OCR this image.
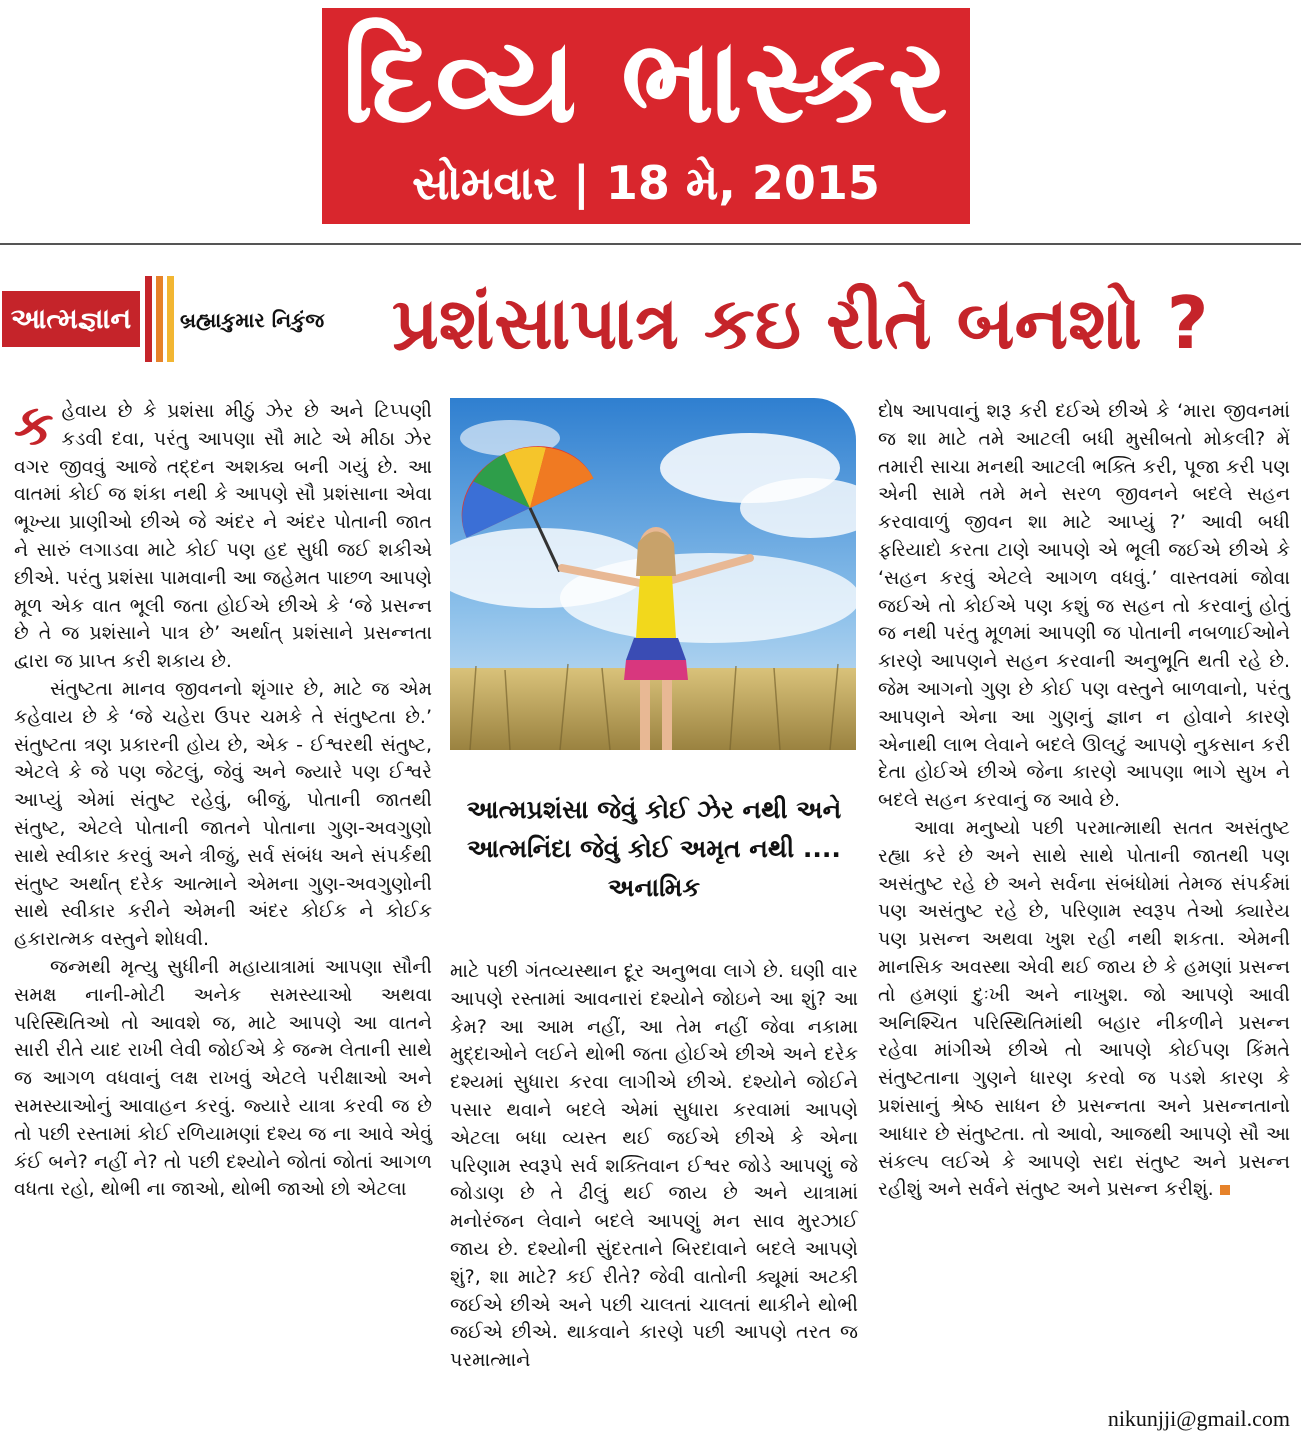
દિવ્ય ભાસ્કર
સોમવાર | 18 મે, 2015
આત્મજ્ઞાન	બ્રહ્માકુમાર નિકુંજ પ્રશંસાપાત્ર કઇ રીતે બનશો ?

કહેવાય છે કે પ્રશંસા મીઠું ઝેર છે અને ટિપ્પણી કડવી દવા, પરંતુ આપણા સૌ માટે એ મીઠા ઝેર વગર જીવવું આજે તદ્દન અશક્ય બની ગયું છે. આ વાતમાં કોઈ જ શંકા નથી કે આપણે સૌ પ્રશંસાના એવા ભૂખ્યા પ્રાણીઓ છીએ જે અંદર ને અંદર પોતાની જાત ને સારું લગાડવા માટે કોઈ પણ હદ સુધી જઈ શકીએ છીએ. પરંતુ પ્રશંસા પામવાની આ જહેમત પાછળ આપણે મૂળ એક વાત ભૂલી જતા હોઈએ છીએ કે ‘જે પ્રસન્ન છે તે જ પ્રશંસાને પાત્ર છે’ અર્થાત્ પ્રશંસાને પ્રસન્નતા દ્વારા જ પ્રાપ્ત કરી શકાય છે.

સંતુષ્ટતા માનવ જીવનનો શૃંગાર છે, માટે જ એમ કહેવાય છે કે ‘જે ચહેરા ઉપર ચમકે તે સંતુષ્ટતા છે.’ સંતુષ્ટતા ત્રણ પ્રકારની હોય છે, એક - ઈશ્વરથી સંતુષ્ટ, એટલે કે જે પણ જેટલું, જેવું અને જ્યારે પણ ઈશ્વરે આપ્યું એમાં સંતુષ્ટ રહેવું, બીજું, પોતાની જાતથી સંતુષ્ટ, એટલે પોતાની જાતને પોતાના ગુણ-અવગુણો સાથે સ્વીકાર કરવું અને ત્રીજું, સર્વ સંબંધ અને સંપર્કથી સંતુષ્ટ અર્થાત્ દરેક આત્માને એમના ગુણ-અવગુણોની સાથે સ્વીકાર કરીને એમની અંદર કોઈક ને કોઈક હકારાત્મક વસ્તુને શોધવી.

જન્મથી મૃત્યુ સુધીની મહાયાત્રામાં આપણા સૌની સમક્ષ નાની-મોટી અનેક સમસ્યાઓ અથવા પરિસ્થિતિઓ તો આવશે જ, માટે આપણે આ વાતને સારી રીતે યાદ રાખી લેવી જોઈએ કે જન્મ લેતાની સાથે જ આગળ વધવાનું લક્ષ રાખવું એટલે પરીક્ષાઓ અને સમસ્યાઓનું આવાહન કરવું. જ્યારે યાત્રા કરવી જ છે તો પછી રસ્તામાં કોઈ રળિયામણાં દશ્ય જ ના આવે એવું કંઈ બને? નહીં ને? તો પછી દશ્યોને જોતાં જોતાં આગળ વધતા રહો, થોભી ના જાઓ, થોભી જાઓ છો એટલા

આત્મપ્રશંસા જેવું કોઈ ઝેર નથી અને આત્મનિંદા જેવું કોઈ અમૃત નથી .... અનામિક

માટે પછી ગંતવ્યસ્થાન દૂર અનુભવા લાગે છે. ઘણી વાર આપણે રસ્તામાં આવનારાં દશ્યોને જોઇને આ શું? આ કેમ? આ આમ નહીં, આ તેમ નહીં જેવા નકામા મુદ્દાઓને લઈને થોભી જતા હોઈએ છીએ અને દરેક દશ્યમાં સુધારા કરવા લાગીએ છીએ. દશ્યોને જોઈને પસાર થવાને બદલે એમાં સુધારા કરવામાં આપણે એટલા બધા વ્યસ્ત થઈ જઈએ છીએ કે એના પરિણામ સ્વરૂપે સર્વ શક્તિવાન ઈશ્વર જોડે આપણું જે જોડાણ છે તે ઢીલું થઈ જાય છે અને યાત્રામાં મનોરંજન લેવાને બદલે આપણું મન સાવ મુરઝાઈ જાય છે. દશ્યોની સુંદરતાને બિરદાવાને બદલે આપણે શું?, શા માટે? કઈ રીતે? જેવી વાતોની ક્યૂમાં અટકી જઈએ છીએ અને પછી ચાલતાં ચાલતાં થાકીને થોભી જઈએ છીએ. થાકવાને કારણે પછી આપણે તરત જ પરમાત્માને

દોષ આપવાનું શરૂ કરી દઈએ છીએ કે ‘મારા જીવનમાં જ શા માટે તમે આટલી બધી મુસીબતો મોકલી? મેં તમારી સાચા મનથી આટલી ભક્તિ કરી, પૂજા કરી પણ એની સામે તમે મને સરળ જીવનને બદલે સહન કરવાવાળું જીવન શા માટે આપ્યું ?’ આવી બધી ફરિયાદો કરતા ટાણે આપણે એ ભૂલી જઈએ છીએ કે ‘સહન કરવું એટલે આગળ વધવું.’ વાસ્તવમાં જોવા જઈએ તો કોઈએ પણ કશું જ સહન તો કરવાનું હોતું જ નથી પરંતુ મૂળમાં આપણી જ પોતાની નબળાઈઓને કારણે આપણને સહન કરવાની અનુભૂતિ થતી રહે છે. જેમ આગનો ગુણ છે કોઈ પણ વસ્તુને બાળવાનો, પરંતુ આપણને એના આ ગુણનું જ્ઞાન ન હોવાને કારણે એનાથી લાભ લેવાને બદલે ઊલટું આપણે નુકસાન કરી દેતા હોઈએ છીએ જેના કારણે આપણા ભાગે સુખ ને બદલે સહન કરવાનું જ આવે છે.

આવા મનુષ્યો પછી પરમાત્માથી સતત અસંતુષ્ટ રહ્યા કરે છે અને સાથે સાથે પોતાની જાતથી પણ અસંતુષ્ટ રહે છે અને સર્વના સંબંધોમાં તેમજ સંપર્કમાં પણ અસંતુષ્ટ રહે છે, પરિણામ સ્વરૂપ તેઓ ક્યારેય પણ પ્રસન્ન અથવા ખુશ રહી નથી શકતા. એમની માનસિક અવસ્થા એવી થઈ જાય છે કે હમણાં પ્રસન્ન તો હમણાં દુઃખી અને નાખુશ. જો આપણે આવી અનિશ્ચિત પરિસ્થિતિમાંથી બહાર નીકળીને પ્રસન્ન રહેવા માંગીએ છીએ તો આપણે કોઈપણ કિંમતે સંતુષ્ટતાના ગુણને ધારણ કરવો જ પડશે કારણ કે પ્રશંસાનું શ્રેષ્ઠ સાધન છે પ્રસન્નતા અને પ્રસન્નતાનો આધાર છે સંતુષ્ટતા. તો આવો, આજથી આપણે સૌ આ સંકલ્પ લઈએ કે આપણે સદા સંતુષ્ટ અને પ્રસન્ન રહીશું અને સર્વને સંતુષ્ટ અને પ્રસન્ન કરીશું.

nikunjji@gmail.com
